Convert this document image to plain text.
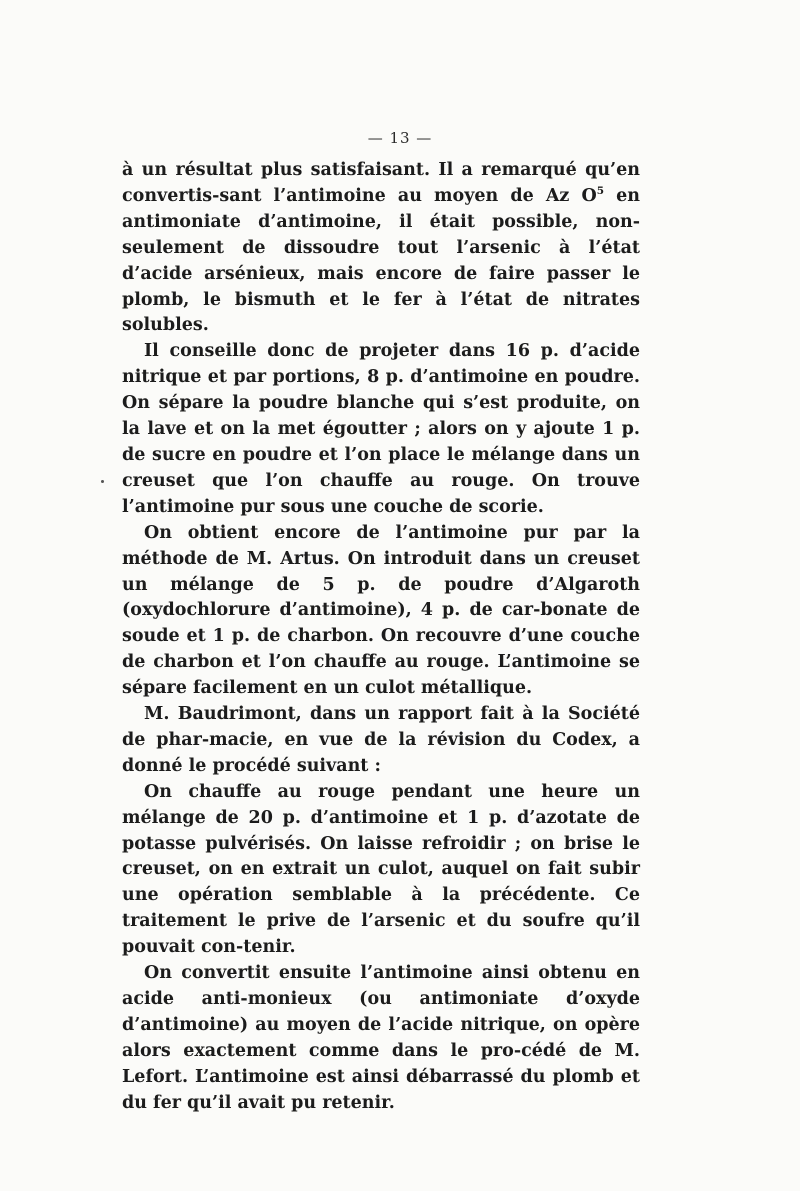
— 13 —

à un résultat plus satisfaisant. Il a remarqué qu’en convertis-sant l’antimoine au moyen de Az $O^5$ en antimoniate d’antimoine, il était possible, non-seulement de dissoudre tout l’arsenic à l’état d’acide arsénieux, mais encore de faire passer le plomb, le bismuth et le fer à l’état de nitrates solubles.

Il conseille donc de projeter dans 16 p. d’acide nitrique et par portions, 8 p. d’antimoine en poudre. On sépare la poudre blanche qui s’est produite, on la lave et on la met égoutter ; alors on y ajoute 1 p. de sucre en poudre et l’on place le mélange dans un creuset que l’on chauffe au rouge. On trouve l’antimoine pur sous une couche de scorie.

On obtient encore de l’antimoine pur par la méthode de M. Artus. On introduit dans un creuset un mélange de 5 p. de poudre d’Algaroth (oxydochlorure d’antimoine), 4 p. de car-bonate de soude et 1 p. de charbon. On recouvre d’une couche de charbon et l’on chauffe au rouge. L’antimoine se sépare facilement en un culot métallique.

M. Baudrimont, dans un rapport fait à la Société de phar-macie, en vue de la révision du Codex, a donné le procédé suivant :

On chauffe au rouge pendant une heure un mélange de 20 p. d’antimoine et 1 p. d’azotate de potasse pulvérisés. On laisse refroidir ; on brise le creuset, on en extrait un culot, auquel on fait subir une opération semblable à la précédente. Ce traitement le prive de l’arsenic et du soufre qu’il pouvait con-tenir.

On convertit ensuite l’antimoine ainsi obtenu en acide anti-monieux (ou antimoniate d’oxyde d’antimoine) au moyen de l’acide nitrique, on opère alors exactement comme dans le pro-cédé de M. Lefort. L’antimoine est ainsi débarrassé du plomb et du fer qu’il avait pu retenir.
